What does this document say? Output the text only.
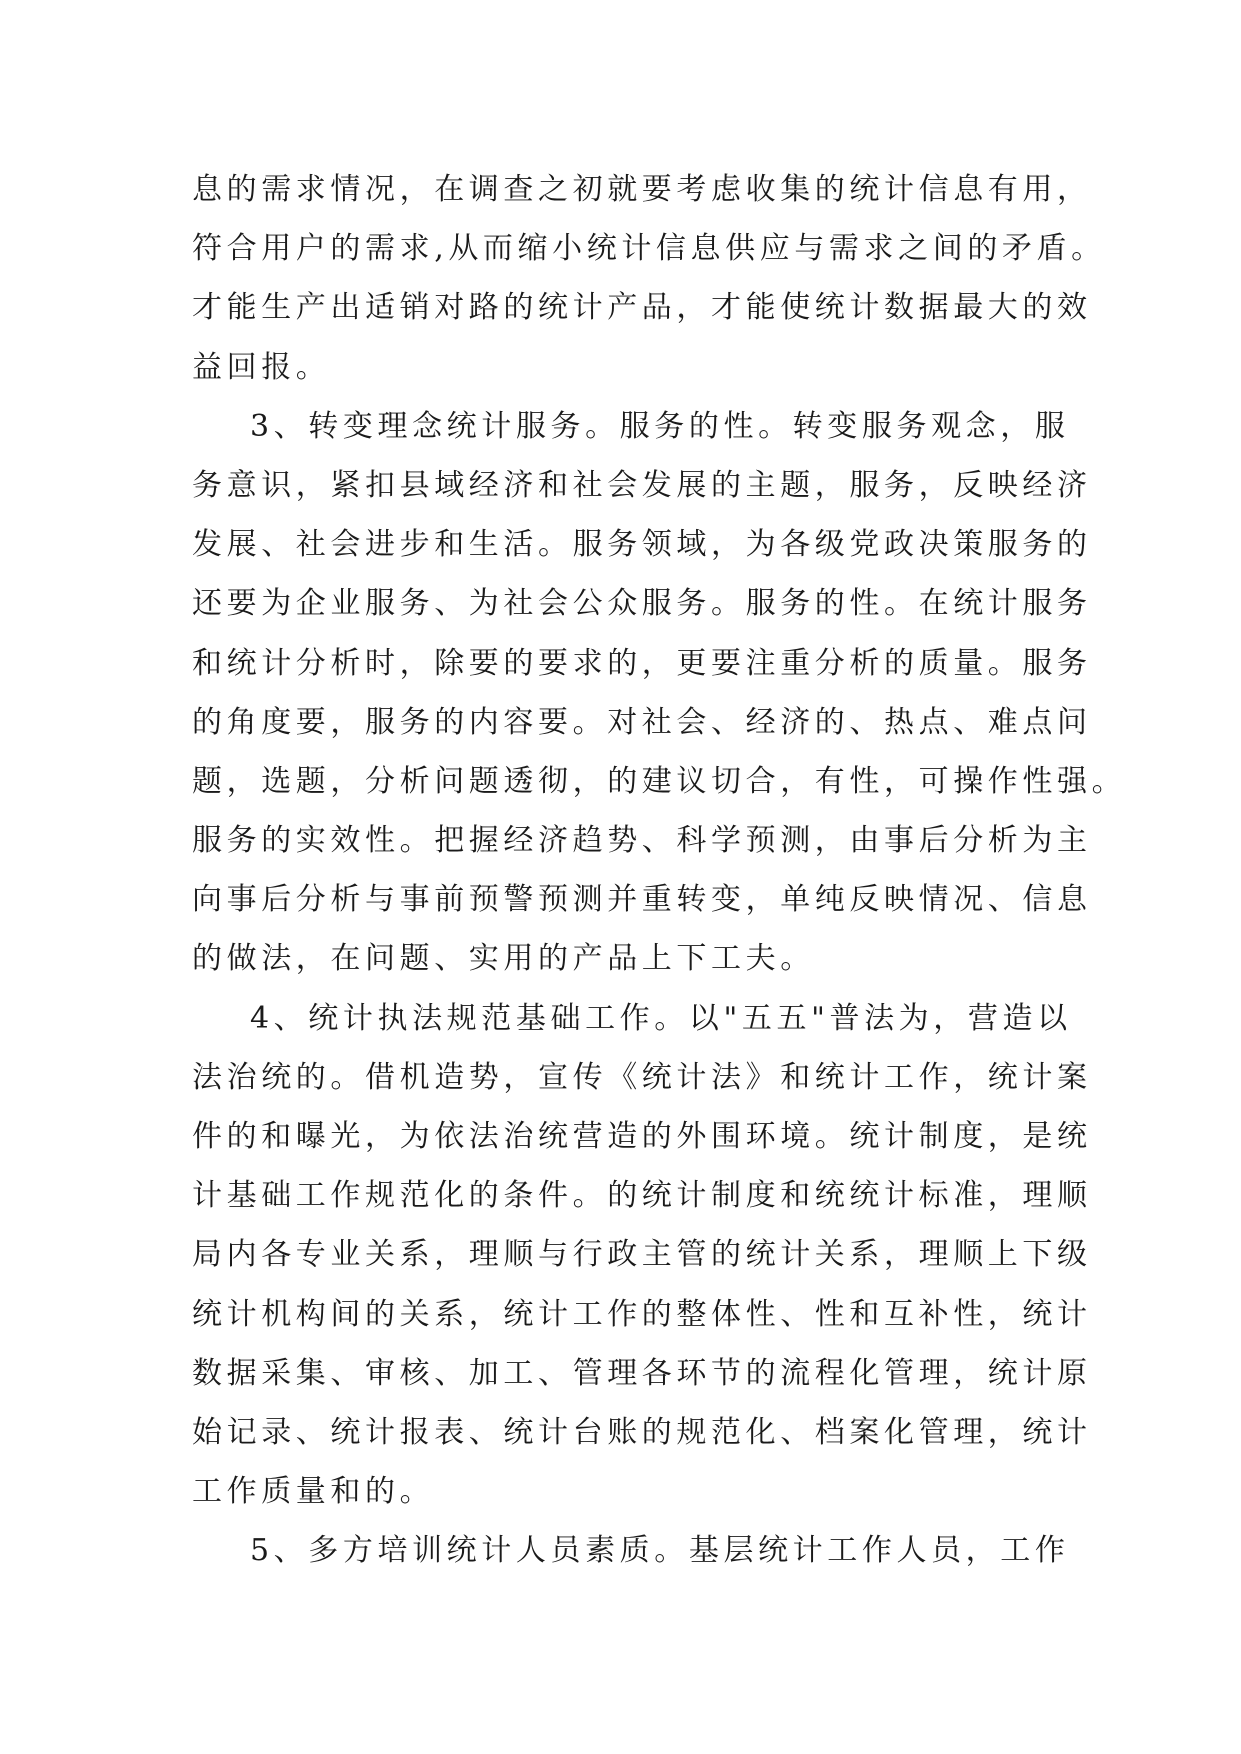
息的需求情况，在调查之初就要考虑收集的统计信息有用，
符合用户的需求,从而缩小统计信息供应与需求之间的矛盾。
才能生产出适销对路的统计产品，才能使统计数据最大的效
益回报。
3、转变理念统计服务。服务的性。转变服务观念，服
务意识，紧扣县域经济和社会发展的主题，服务，反映经济
发展、社会进步和生活。服务领域，为各级党政决策服务的
还要为企业服务、为社会公众服务。服务的性。在统计服务
和统计分析时，除要的要求的，更要注重分析的质量。服务
的角度要，服务的内容要。对社会、经济的、热点、难点问
题，选题，分析问题透彻，的建议切合，有性，可操作性强。
服务的实效性。把握经济趋势、科学预测，由事后分析为主
向事后分析与事前预警预测并重转变，单纯反映情况、信息
的做法，在问题、实用的产品上下工夫。
4、统计执法规范基础工作。以"五五"普法为，营造以
法治统的。借机造势，宣传《统计法》和统计工作，统计案
件的和曝光，为依法治统营造的外围环境。统计制度，是统
计基础工作规范化的条件。的统计制度和统统计标准，理顺
局内各专业关系，理顺与行政主管的统计关系，理顺上下级
统计机构间的关系，统计工作的整体性、性和互补性，统计
数据采集、审核、加工、管理各环节的流程化管理，统计原
始记录、统计报表、统计台账的规范化、档案化管理，统计
工作质量和的。
5、多方培训统计人员素质。基层统计工作人员，工作
